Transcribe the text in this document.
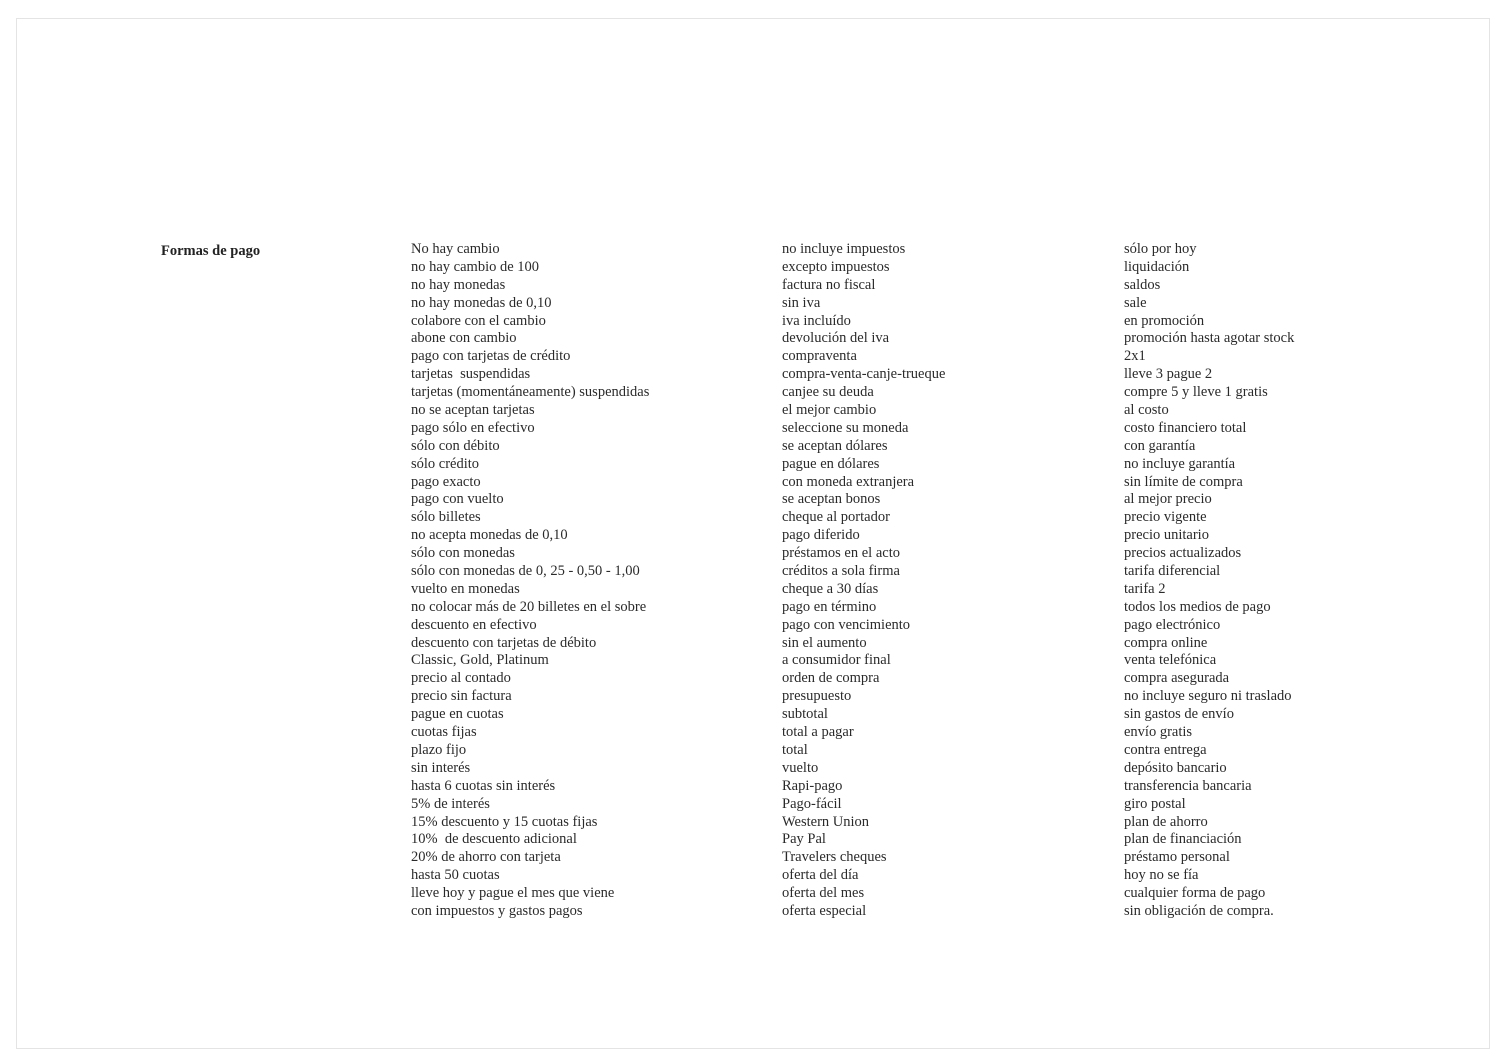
Formas de pago	No hay cambio
no hay cambio de 100
no hay monedas
no hay monedas de 0,10
colabore con el cambio
abone con cambio
pago con tarjetas de crédito
tarjetas  suspendidas
tarjetas (momentáneamente) suspendidas
no se aceptan tarjetas
pago sólo en efectivo
sólo con débito
sólo crédito
pago exacto
pago con vuelto
sólo billetes
no acepta monedas de 0,10
sólo con monedas
sólo con monedas de 0, 25 - 0,50 - 1,00
vuelto en monedas
no colocar más de 20 billetes en el sobre
descuento en efectivo
descuento con tarjetas de débito
Classic, Gold, Platinum
precio al contado
precio sin factura
pague en cuotas
cuotas fijas
plazo fijo
sin interés
hasta 6 cuotas sin interés
5% de interés
15% descuento y 15 cuotas fijas
10%  de descuento adicional
20% de ahorro con tarjeta
hasta 50 cuotas
lleve hoy y pague el mes que viene
con impuestos y gastos pagos
no incluye impuestos
excepto impuestos
factura no fiscal
sin iva
iva incluído
devolución del iva
compraventa
compra-venta-canje-trueque
canjee su deuda
el mejor cambio
seleccione su moneda
se aceptan dólares
pague en dólares
con moneda extranjera
se aceptan bonos
cheque al portador
pago diferido
préstamos en el acto
créditos a sola firma
cheque a 30 días
pago en término
pago con vencimiento
sin el aumento
a consumidor final
orden de compra
presupuesto
subtotal
total a pagar
total
vuelto
Rapi-pago
Pago-fácil
Western Union
Pay Pal
Travelers cheques
oferta del día
oferta del mes
oferta especial
sólo por hoy
liquidación
saldos
sale
en promoción
promoción hasta agotar stock
2x1
lleve 3 pague 2
compre 5 y lleve 1 gratis
al costo
costo financiero total
con garantía
no incluye garantía
sin límite de compra
al mejor precio
precio vigente
precio unitario
precios actualizados
tarifa diferencial
tarifa 2
todos los medios de pago
pago electrónico
compra online
venta telefónica
compra asegurada
no incluye seguro ni traslado
sin gastos de envío
envío gratis
contra entrega
depósito bancario
transferencia bancaria
giro postal
plan de ahorro
plan de financiación
préstamo personal
hoy no se fía
cualquier forma de pago
sin obligación de compra.
